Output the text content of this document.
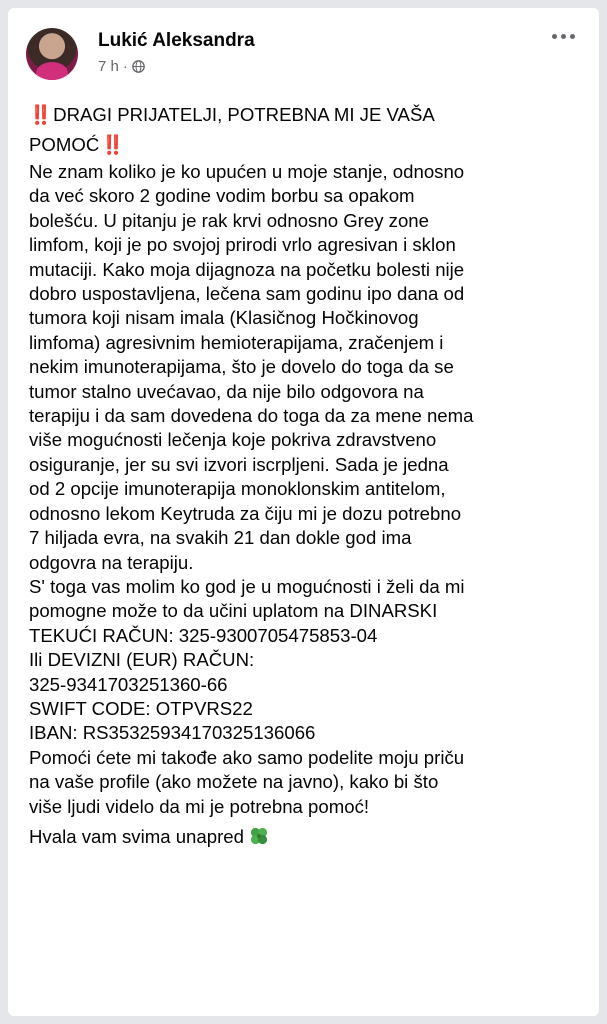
Lukić Aleksandra
7 h ·
‼️ DRAGI PRIJATELJI, POTREBNA MI JE VAŠA
POMOĆ ‼️
Ne znam koliko je ko upućen u moje stanje, odnosno
da već skoro 2 godine vodim borbu sa opakom
bolešću. U pitanju je rak krvi odnosno Grey zone
limfom, koji je po svojoj prirodi vrlo agresivan i sklon
mutaciji. Kako moja dijagnoza na početku bolesti nije
dobro uspostavljena, lečena sam godinu ipo dana od
tumora koji nisam imala (Klasičnog Hočkinovog
limfoma) agresivnim hemioterapijama, zračenjem i
nekim imunoterapijama, što je dovelo do toga da se
tumor stalno uvećavao, da nije bilo odgovora na
terapiju i da sam dovedena do toga da za mene nema
više mogućnosti lečenja koje pokriva zdravstveno
osiguranje, jer su svi izvori iscrpljeni. Sada je jedna
od 2 opcije imunoterapija monoklonskim antitelom,
odnosno lekom Keytruda za čiju mi je dozu potrebno
7 hiljada evra, na svakih 21 dan dokle god ima
odgovra na terapiju.
S' toga vas molim ko god je u mogućnosti i želi da mi
pomogne može to da učini uplatom na DINARSKI
TEKUĆI RAČUN: 325-9300705475853-04
Ili DEVIZNI (EUR) RAČUN:
325-9341703251360-66
SWIFT CODE: OTPVRS22
IBAN: RS35325934170325136066
Pomoći ćete mi takođe ako samo podelite moju priču
na vaše profile (ako možete na javno), kako bi što
više ljudi videlo da mi je potrebna pomoć!
Hvala vam svima unapred
